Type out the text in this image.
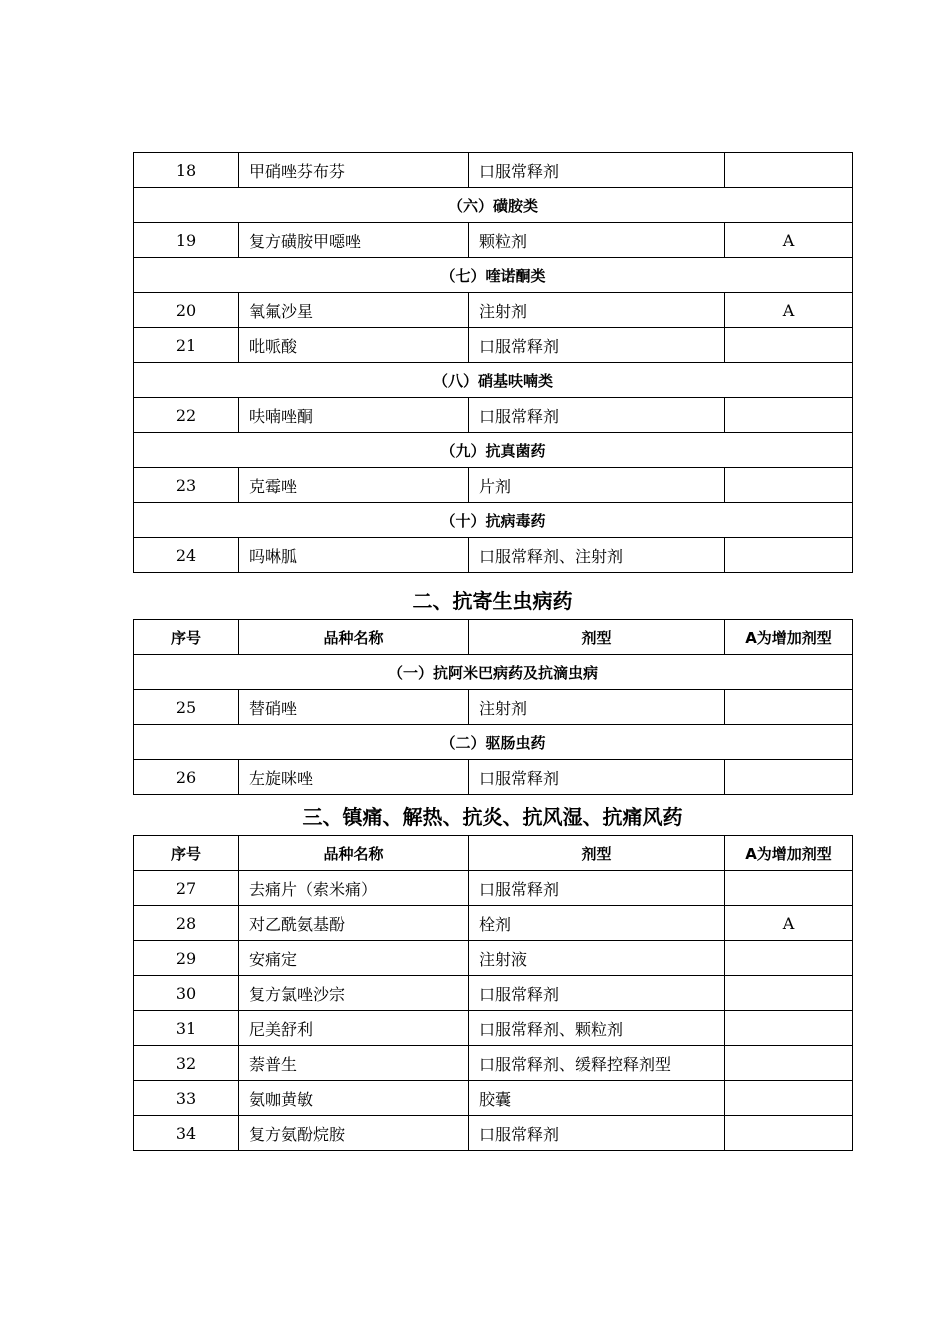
18	甲硝唑芬布芬	口服常释剂	
（六）磺胺类			
19	复方磺胺甲噁唑	颗粒剂	A
（七）喹诺酮类			
20	氧氟沙星	注射剂	A
21	吡哌酸	口服常释剂	
（八）硝基呋喃类			
22	呋喃唑酮	口服常释剂	
（九）抗真菌药			
23	克霉唑	片剂	
（十）抗病毒药			
24	吗啉胍	口服常释剂、注射剂	
二、抗寄生虫病药
序号	品种名称	剂型	A为增加剂型
（一）抗阿米巴病药及抗滴虫病			
25	替硝唑	注射剂	
（二）驱肠虫药			
26	左旋咪唑	口服常释剂	
三、镇痛、解热、抗炎、抗风湿、抗痛风药
序号	品种名称	剂型	A为增加剂型
27	去痛片（索米痛）	口服常释剂	
28	对乙酰氨基酚	栓剂	A
29	安痛定	注射液	
30	复方氯唑沙宗	口服常释剂	
31	尼美舒利	口服常释剂、颗粒剂	
32	萘普生	口服常释剂、缓释控释剂型	
33	氨咖黄敏	胶囊	
34	复方氨酚烷胺	口服常释剂	
